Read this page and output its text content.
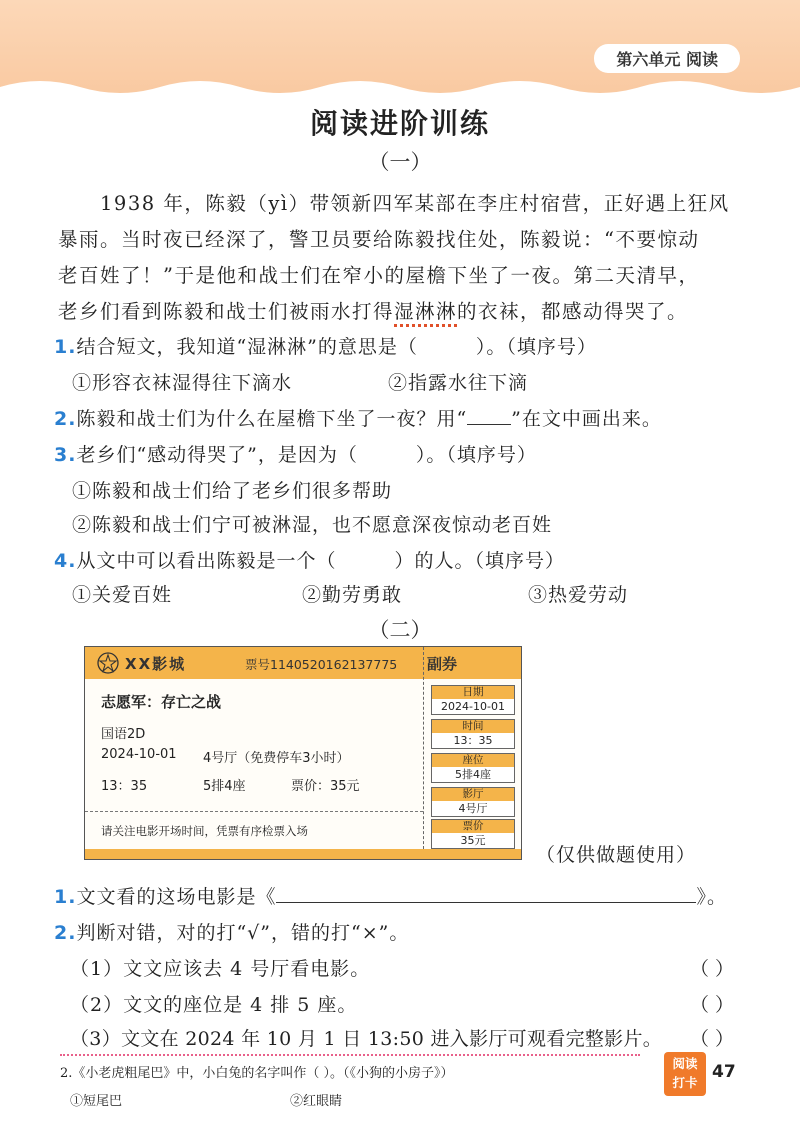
第六单元 阅读
阅读进阶训练
（一）
1938 年，陈毅（yì）带领新四军某部在李庄村宿营，正好遇上狂风
暴雨。当时夜已经深了，警卫员要给陈毅找住处，陈毅说：“不要惊动
老百姓了！”于是他和战士们在窄小的屋檐下坐了一夜。第二天清早，
老乡们看到陈毅和战士们被雨水打得湿淋淋的衣袜，都感动得哭了。
1.结合短文，我知道“湿淋淋”的意思是（	）。（填序号）
①形容衣袜湿得往下滴水	②指露水往下滴
2.陈毅和战士们为什么在屋檐下坐了一夜？用“ ”在文中画出来。
3.老乡们“感动得哭了”，是因为（	）。（填序号）
①陈毅和战士们给了老乡们很多帮助
②陈毅和战士们宁可被淋湿，也不愿意深夜惊动老百姓
4.从文中可以看出陈毅是一个（	）的人。（填序号）
①关爱百姓	②勤劳勇敢	③热爱劳动
（二）
XX影城	票号1140520162137775 副券
志愿军：存亡之战
国语2D
2024-10-01 4号厅（免费停车3小时）
13：35	5排4座	票价：35元
请关注电影开场时间，凭票有序检票入场
日期
2024-10-01
时间
13：35
座位
5排4座
影厅
4号厅
票价
35元
（仅供做题使用）
1.文文看的这场电影是《	》。
2.判断对错，对的打“√”，错的打“×”。
（1）文文应该去 4 号厅看电影。	（ ）
（2）文文的座位是 4 排 5 座。	（ ）
（3）文文在 2024 年 10 月 1 日 13:50 进入影厅可观看完整影片。 （ ）
2.《小老虎粗尾巴》中，小白兔的名字叫作（ ）。（《小狗的小房子》）
①短尾巴	②红眼睛
阅读
打卡
47
